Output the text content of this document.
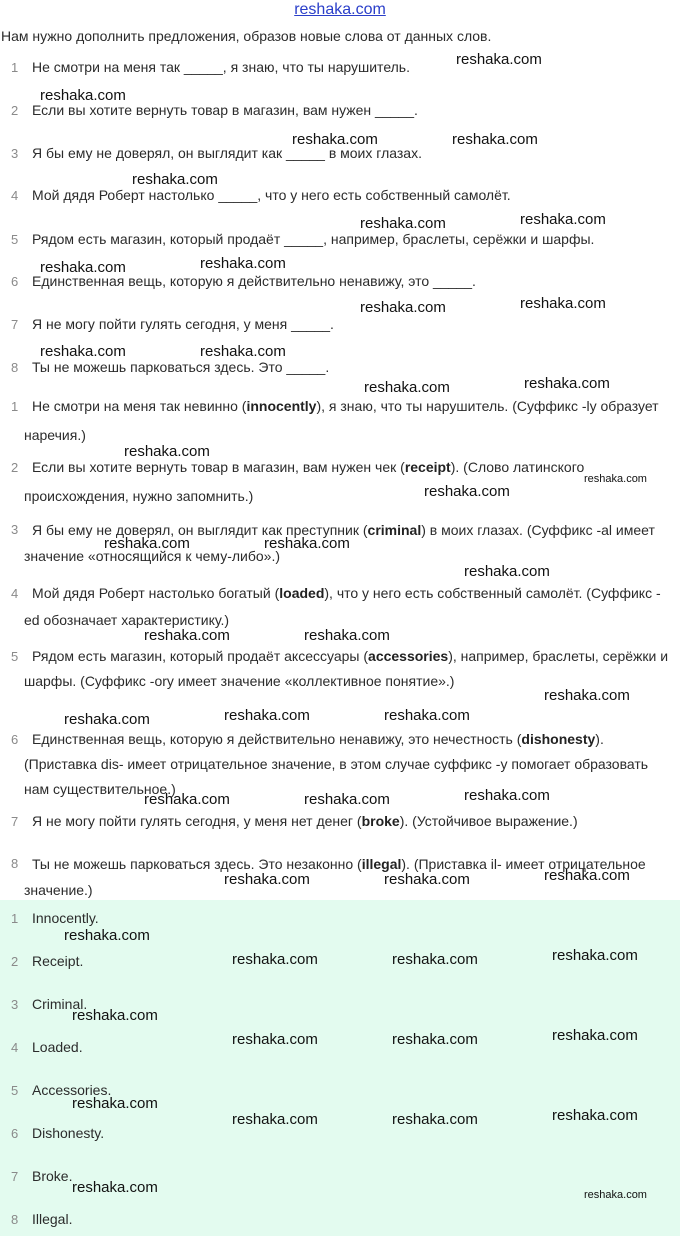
reshaka.com
Нам нужно дополнить предложения, образов новые слова от данных слов.
1 Не смотри на меня так _____, я знаю, что ты нарушитель.
2 Если вы хотите вернуть товар в магазин, вам нужен _____.
3 Я бы ему не доверял, он выглядит как _____ в моих глазах.
4 Мой дядя Роберт настолько _____, что у него есть собственный самолёт.
5 Рядом есть магазин, который продаёт _____, например, браслеты, серёжки и шарфы.
6 Единственная вещь, которую я действительно ненавижу, это _____.
7 Я не могу пойти гулять сегодня, у меня _____.
8 Ты не можешь парковаться здесь. Это _____.
1 Не смотри на меня так невинно (innocently), я знаю, что ты нарушитель. (Суффикс -ly образует наречия.)
2 Если вы хотите вернуть товар в магазин, вам нужен чек (receipt). (Слово латинского происхождения, нужно запомнить.)
3 Я бы ему не доверял, он выглядит как преступник (criminal) в моих глазах. (Суффикс -al имеет значение «относящийся к чему-либо».)
4 Мой дядя Роберт настолько богатый (loaded), что у него есть собственный самолёт. (Суффикс -ed обозначает характеристику.)
5 Рядом есть магазин, который продаёт аксессуары (accessories), например, браслеты, серёжки и шарфы. (Суффикс -ory имеет значение «коллективное понятие».)
6 Единственная вещь, которую я действительно ненавижу, это нечестность (dishonesty). (Приставка dis- имеет отрицательное значение, в этом случае суффикс -y помогает образовать нам существительное.)
7 Я не могу пойти гулять сегодня, у меня нет денег (broke). (Устойчивое выражение.)
8 Ты не можешь парковаться здесь. Это незаконно (illegal). (Приставка il- имеет отрицательное значение.)
1 Innocently.
2 Receipt.
3 Criminal.
4 Loaded.
5 Accessories.
6 Dishonesty.
7 Broke.
8 Illegal.
reshaka.com
reshaka.com
reshaka.com	reshaka.com
reshaka.com
reshaka.com	reshaka.com
reshaka.com	reshaka.com
reshaka.com	reshaka.com
reshaka.com	reshaka.com
reshaka.com	reshaka.com
reshaka.com
reshaka.com
reshaka.com
reshaka.com	reshaka.com
reshaka.com
reshaka.com	reshaka.com
reshaka.com
reshaka.com	reshaka.com	reshaka.com
reshaka.com	reshaka.com	reshaka.com
reshaka.com	reshaka.com	reshaka.com
reshaka.com
reshaka.com	reshaka.com	reshaka.com
reshaka.com
reshaka.com	reshaka.com	reshaka.com
reshaka.com
reshaka.com	reshaka.com	reshaka.com
reshaka.com	reshaka.com
